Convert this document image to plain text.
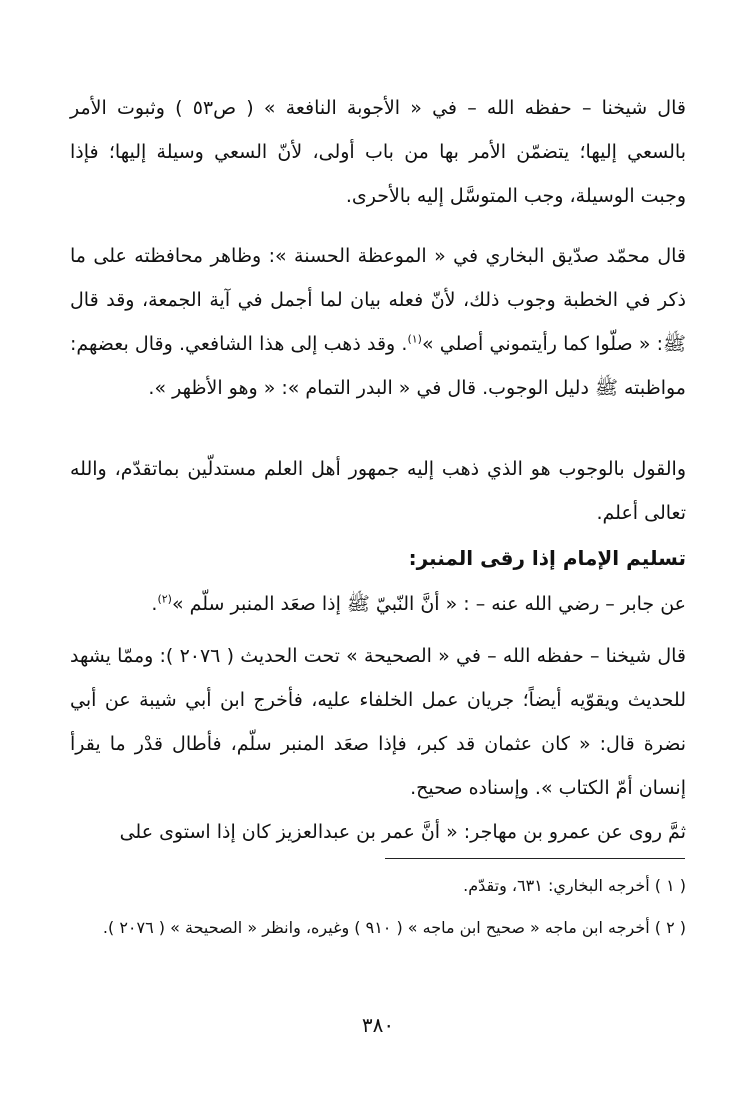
قال شيخنا – حفظه الله – في « الأجوبة النافعة » ( ص٥٣ ) وثبوت الأمر بالسعي إليها؛ يتضمّن الأمر بها من باب أولى، لأنّ السعي وسيلة إليها؛ فإذا وجبت الوسيلة، وجب المتوسَّل إليه بالأحرى.

قال محمّد صدّيق البخاري في « الموعظة الحسنة »: وظاهر محافظته على ما ذكر في الخطبة وجوب ذلك، لأنّ فعله بيان لما أجمل في آية الجمعة، وقد قال ﷺ: « صلّوا كما رأيتموني أصلي »$^{(١)}$. وقد ذهب إلى هذا الشافعي. وقال بعضهم: مواظبته ﷺ دليل الوجوب. قال في « البدر التمام »: « وهو الأظهر ».

والقول بالوجوب هو الذي ذهب إليه جمهور أهل العلم مستدلّين بماتقدّم، والله تعالى أعلم.

تسليم الإمام إذا رقى المنبر:

عن جابر – رضي الله عنه – : « أنَّ النّبيّ ﷺ إذا صعَد المنبر سلّم »$^{(٢)}$.

قال شيخنا – حفظه الله – في « الصحيحة » تحت الحديث ( ٢٠٧٦ ): وممّا يشهد للحديث ويقوّيه أيضاً؛ جريان عمل الخلفاء عليه، فأخرج ابن أبي شيبة عن أبي نضرة قال: « كان عثمان قد كبر، فإذا صعَد المنبر سلّم، فأطال قدْر ما يقرأ إنسان أمّ الكتاب ». وإسناده صحيح.

ثمَّ روى عن عمرو بن مهاجر: « أنَّ عمر بن عبدالعزيز كان إذا استوى على

( ١ ) أخرجه البخاري: ٦٣١، وتقدّم.

( ٢ ) أخرجه ابن ماجه « صحيح ابن ماجه » ( ٩١٠ ) وغيره، وانظر « الصحيحة » ( ٢٠٧٦ ).

٣٨٠
